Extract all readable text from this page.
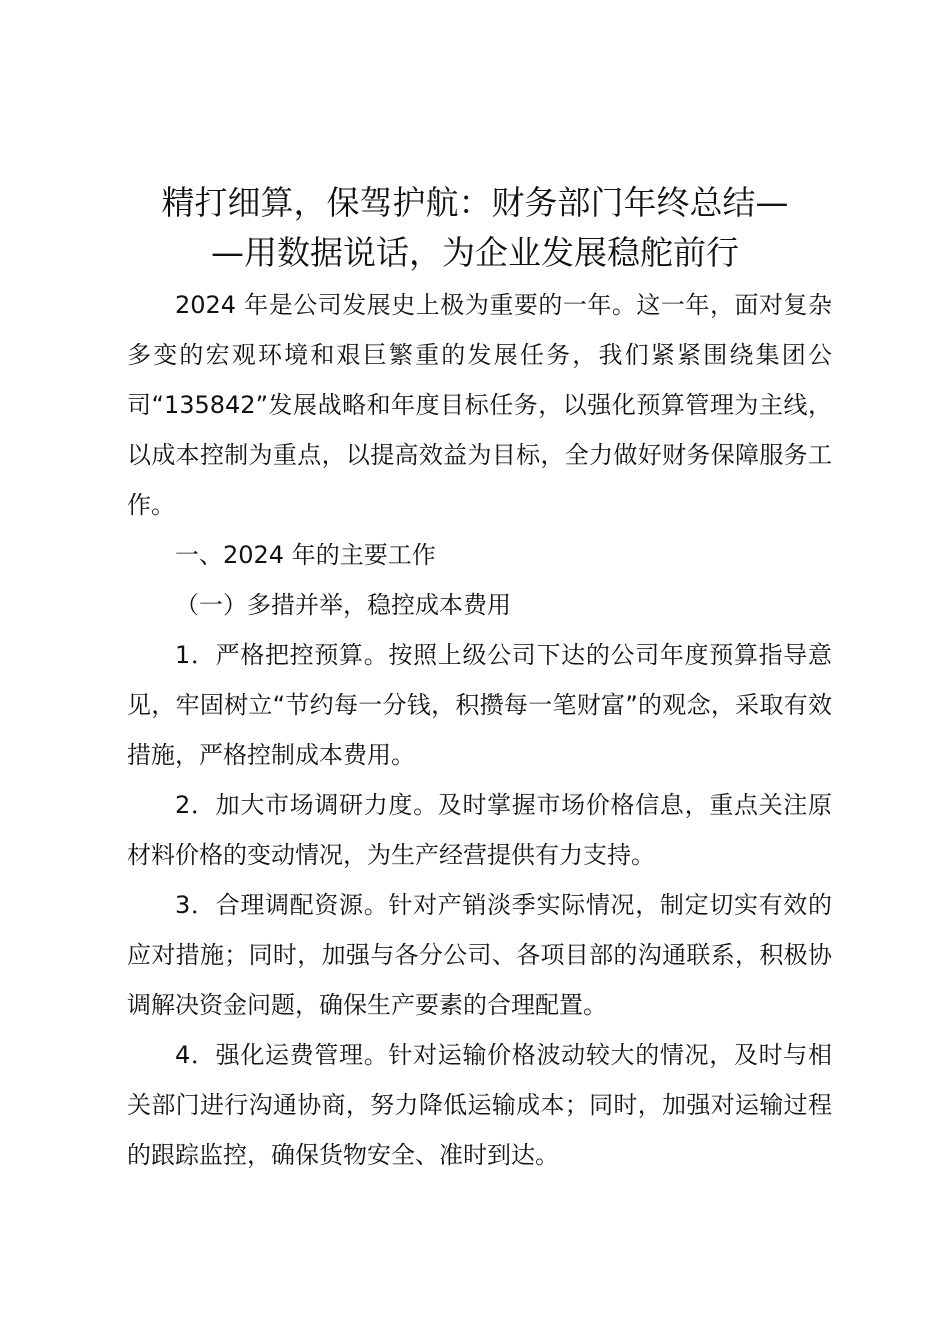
精打细算，保驾护航：财务部门年终总结—
—用数据说话，为企业发展稳舵前行

2024 年是公司发展史上极为重要的一年。这一年，面对复杂多变的宏观环境和艰巨繁重的发展任务，我们紧紧围绕集团公司“135842”发展战略和年度目标任务，以强化预算管理为主线，以成本控制为重点，以提高效益为目标，全力做好财务保障服务工作。

一、2024 年的主要工作

（一）多措并举，稳控成本费用

1．严格把控预算。按照上级公司下达的公司年度预算指导意见，牢固树立“节约每一分钱，积攒每一笔财富”的观念，采取有效措施，严格控制成本费用。

2．加大市场调研力度。及时掌握市场价格信息，重点关注原材料价格的变动情况，为生产经营提供有力支持。

3．合理调配资源。针对产销淡季实际情况，制定切实有效的应对措施；同时，加强与各分公司、各项目部的沟通联系，积极协调解决资金问题，确保生产要素的合理配置。

4．强化运费管理。针对运输价格波动较大的情况，及时与相关部门进行沟通协商，努力降低运输成本；同时，加强对运输过程的跟踪监控，确保货物安全、准时到达。
